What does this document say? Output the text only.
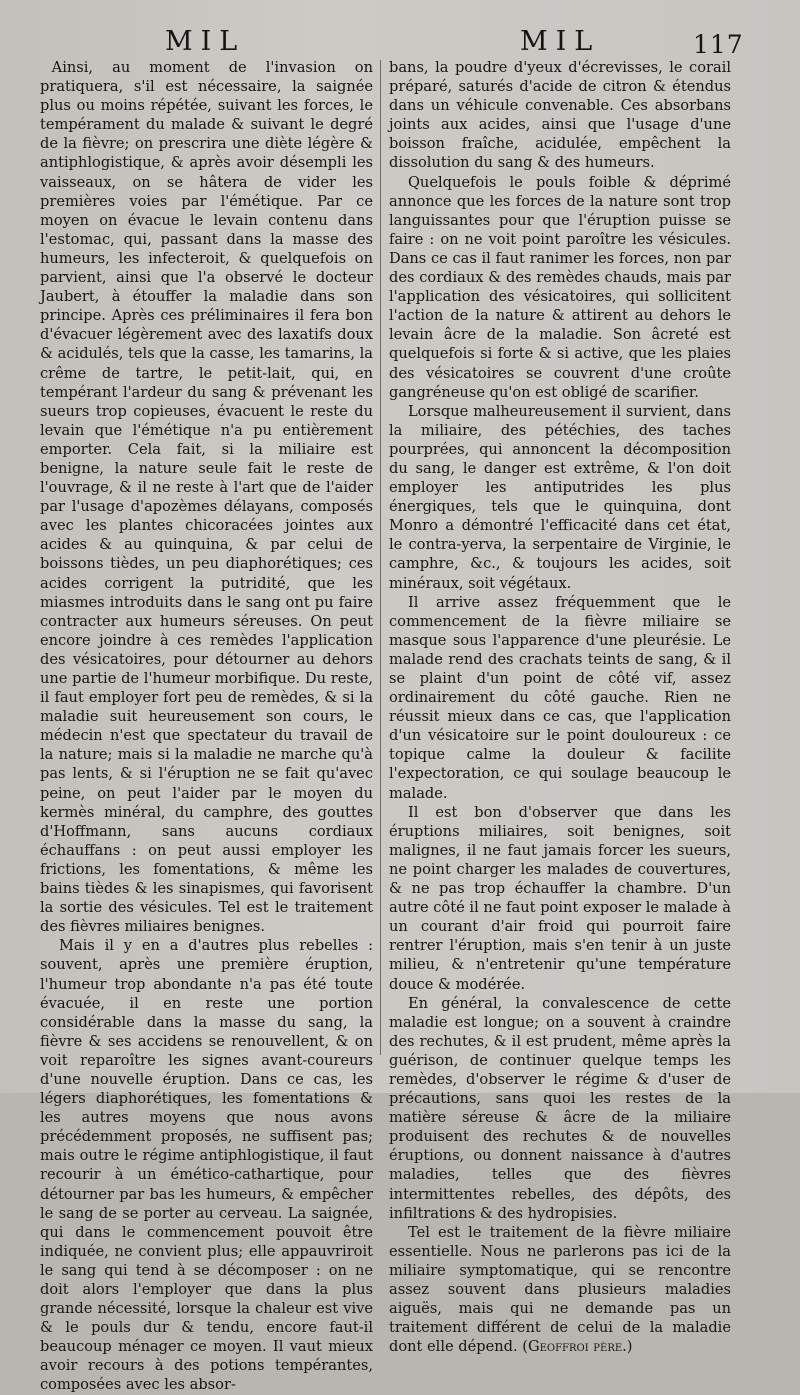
MIL	MIL	117

Ainsi, au moment de l'invasion on pratiquera, s'il est nécessaire, la saignée plus ou moins répétée, suivant les forces, le tempérament du malade & suivant le degré de la fièvre; on prescrira une diète légère & antiphlogistique, & après avoir désempli les vaisseaux, on se hâtera de vider les premières voies par l'émétique. Par ce moyen on évacue le levain contenu dans l'estomac, qui, passant dans la masse des humeurs, les infecteroit, & quelquefois on parvient, ainsi que l'a observé le docteur Jaubert, à étouffer la maladie dans son principe. Après ces préliminaires il fera bon d'évacuer légèrement avec des laxatifs doux & acidulés, tels que la casse, les tamarins, la crême de tartre, le petit-lait, qui, en tempérant l'ardeur du sang & prévenant les sueurs trop copieuses, évacuent le reste du levain que l'émétique n'a pu entièrement emporter. Cela fait, si la miliaire est benigne, la nature seule fait le reste de l'ouvrage, & il ne reste à l'art que de l'aider par l'usage d'apozèmes délayans, composés avec les plantes chicoracées jointes aux acides & au quinquina, & par celui de boissons tièdes, un peu diaphorétiques; ces acides corrigent la putridité, que les miasmes introduits dans le sang ont pu faire contracter aux humeurs séreuses. On peut encore joindre à ces remèdes l'application des vésicatoires, pour détourner au dehors une partie de l'humeur morbifique. Du reste, il faut employer fort peu de remèdes, & si la maladie suit heureusement son cours, le médecin n'est que spectateur du travail de la nature; mais si la maladie ne marche qu'à pas lents, & si l'éruption ne se fait qu'avec peine, on peut l'aider par le moyen du kermès minéral, du camphre, des gouttes d'Hoffmann, sans aucuns cordiaux échauffans : on peut aussi employer les frictions, les fomentations, & même les bains tièdes & les sinapismes, qui favorisent la sortie des vésicules. Tel est le traitement des fièvres miliaires benignes.

Mais il y en a d'autres plus rebelles : souvent, après une première éruption, l'humeur trop abondante n'a pas été toute évacuée, il en reste une portion considérable dans la masse du sang, la fièvre & ses accidens se renouvellent, & on voit reparoître les signes avant-coureurs d'une nouvelle éruption. Dans ce cas, les légers diaphorétiques, les fomentations & les autres moyens que nous avons précédemment proposés, ne suffisent pas; mais outre le régime antiphlogistique, il faut recourir à un émético-cathartique, pour détourner par bas les humeurs, & empêcher le sang de se porter au cerveau. La saignée, qui dans le commencement pouvoit être indiquée, ne convient plus; elle appauvriroit le sang qui tend à se décomposer : on ne doit alors l'employer que dans la plus grande nécessité, lorsque la chaleur est vive & le pouls dur & tendu, encore faut-il beaucoup ménager ce moyen. Il vaut mieux avoir recours à des potions tempérantes, composées avec les absor-

bans, la poudre d'yeux d'écrevisses, le corail préparé, saturés d'acide de citron & étendus dans un véhicule convenable. Ces absorbans joints aux acides, ainsi que l'usage d'une boisson fraîche, acidulée, empêchent la dissolution du sang & des humeurs.

Quelquefois le pouls foible & déprimé annonce que les forces de la nature sont trop languissantes pour que l'éruption puisse se faire : on ne voit point paroître les vésicules. Dans ce cas il faut ranimer les forces, non par des cordiaux & des remèdes chauds, mais par l'application des vésicatoires, qui sollicitent l'action de la nature & attirent au dehors le levain âcre de la maladie. Son âcreté est quelquefois si forte & si active, que les plaies des vésicatoires se couvrent d'une croûte gangréneuse qu'on est obligé de scarifier.

Lorsque malheureusement il survient, dans la miliaire, des pétéchies, des taches pourprées, qui annoncent la décomposition du sang, le danger est extrême, & l'on doit employer les antiputrides les plus énergiques, tels que le quinquina, dont Monro a démontré l'efficacité dans cet état, le contra-yerva, la serpentaire de Virginie, le camphre, &c., & toujours les acides, soit minéraux, soit végétaux.

Il arrive assez fréquemment que le commencement de la fièvre miliaire se masque sous l'apparence d'une pleurésie. Le malade rend des crachats teints de sang, & il se plaint d'un point de côté vif, assez ordinairement du côté gauche. Rien ne réussit mieux dans ce cas, que l'application d'un vésicatoire sur le point douloureux : ce topique calme la douleur & facilite l'expectoration, ce qui soulage beaucoup le malade.

Il est bon d'observer que dans les éruptions miliaires, soit benignes, soit malignes, il ne faut jamais forcer les sueurs, ne point charger les malades de couvertures, & ne pas trop échauffer la chambre. D'un autre côté il ne faut point exposer le malade à un courant d'air froid qui pourroit faire rentrer l'éruption, mais s'en tenir à un juste milieu, & n'entretenir qu'une température douce & modérée.

En général, la convalescence de cette maladie est longue; on a souvent à craindre des rechutes, & il est prudent, même après la guérison, de continuer quelque temps les remèdes, d'observer le régime & d'user de précautions, sans quoi les restes de la matière séreuse & âcre de la miliaire produisent des rechutes & de nouvelles éruptions, ou donnent naissance à d'autres maladies, telles que des fièvres intermittentes rebelles, des dépôts, des infiltrations & des hydropisies.

Tel est le traitement de la fièvre miliaire essentielle. Nous ne parlerons pas ici de la miliaire symptomatique, qui se rencontre assez souvent dans plusieurs maladies aiguës, mais qui ne demande pas un traitement différent de celui de la maladie dont elle dépend. (Geoffroi père.)
